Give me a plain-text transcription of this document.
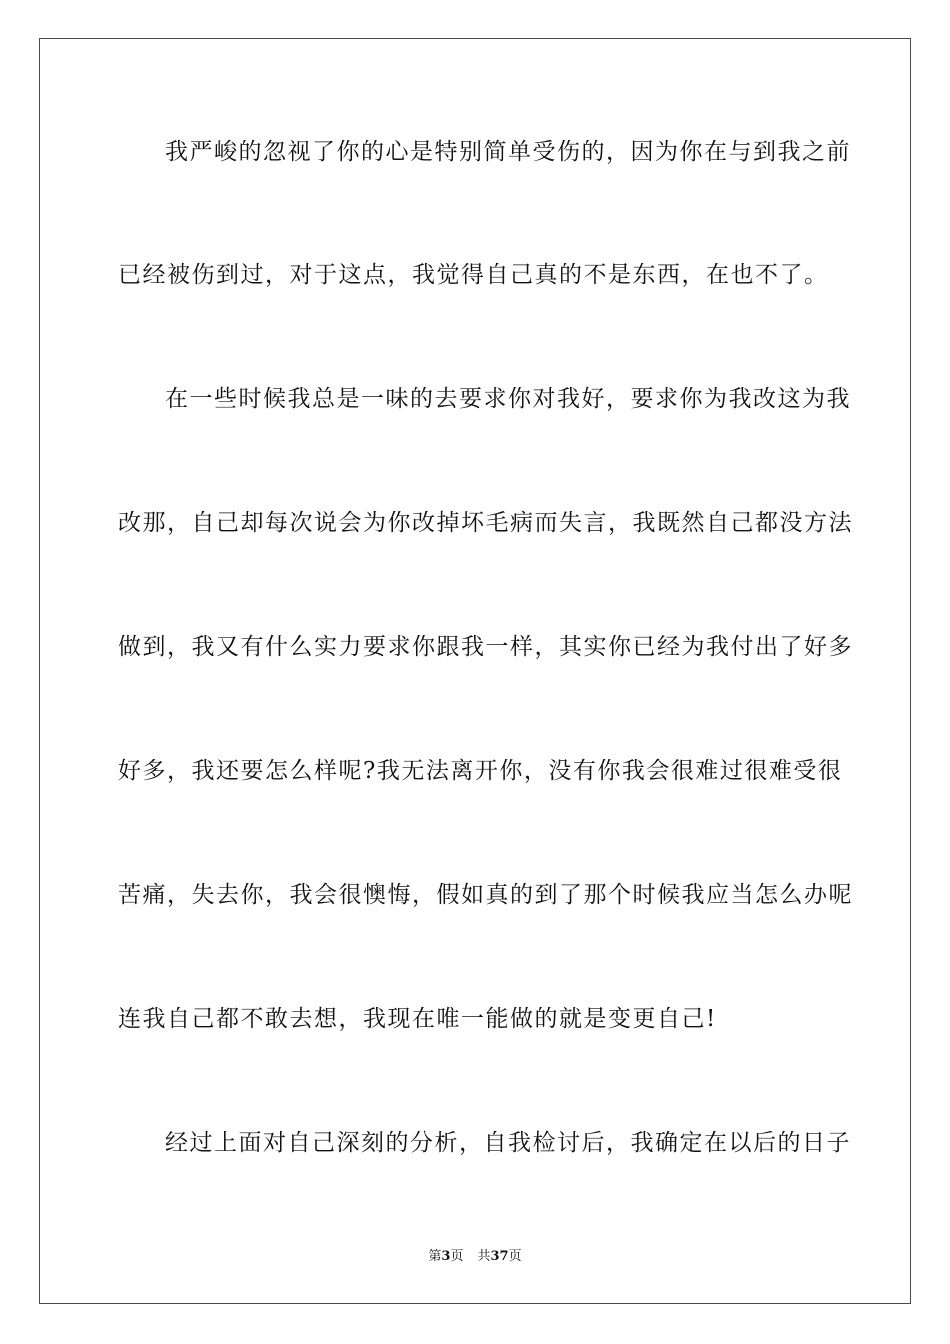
我严峻的忽视了你的心是特别简单受伤的，因为你在与到我之前
已经被伤到过，对于这点，我觉得自己真的不是东西，在也不了。
在一些时候我总是一味的去要求你对我好，要求你为我改这为我
改那，自己却每次说会为你改掉坏毛病而失言，我既然自己都没方法
做到，我又有什么实力要求你跟我一样，其实你已经为我付出了好多
好多，我还要怎么样呢?我无法离开你，没有你我会很难过很难受很
苦痛，失去你，我会很懊悔，假如真的到了那个时候我应当怎么办呢
连我自己都不敢去想，我现在唯一能做的就是变更自己!
经过上面对自己深刻的分析，自我检讨后，我确定在以后的日子
第3页 共37页
